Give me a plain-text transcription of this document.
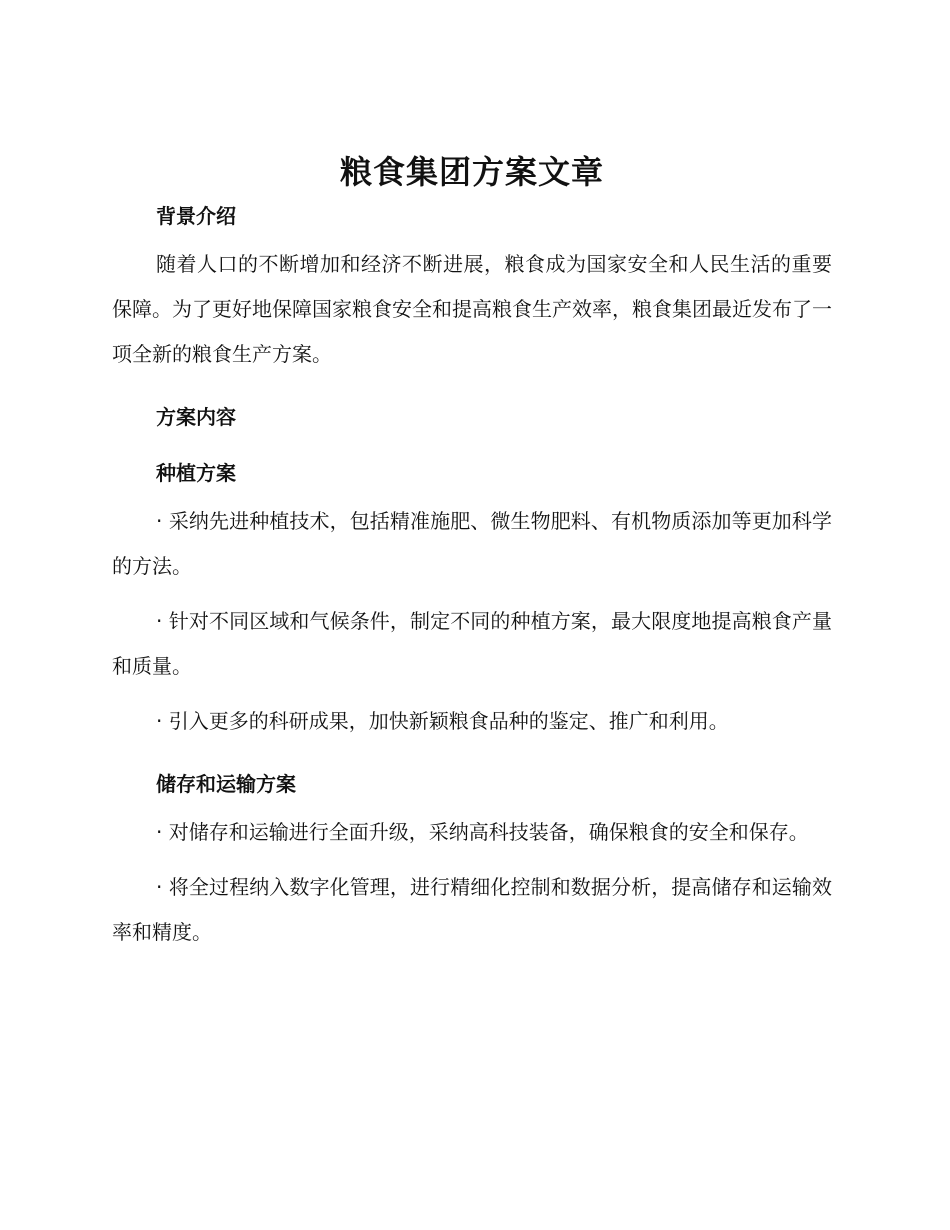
粮食集团方案文章
背景介绍

随着人口的不断增加和经济不断进展，粮食成为国家安全和人民生活的重要保障。为了更好地保障国家粮食安全和提高粮食生产效率，粮食集团最近发布了一项全新的粮食生产方案。

方案内容
种植方案

· 采纳先进种植技术，包括精准施肥、微生物肥料、有机物质添加等更加科学的方法。

· 针对不同区域和气候条件，制定不同的种植方案，最大限度地提高粮食产量和质量。

· 引入更多的科研成果，加快新颖粮食品种的鉴定、推广和利用。

储存和运输方案

· 对储存和运输进行全面升级，采纳高科技装备，确保粮食的安全和保存。

· 将全过程纳入数字化管理，进行精细化控制和数据分析，提高储存和运输效率和精度。
